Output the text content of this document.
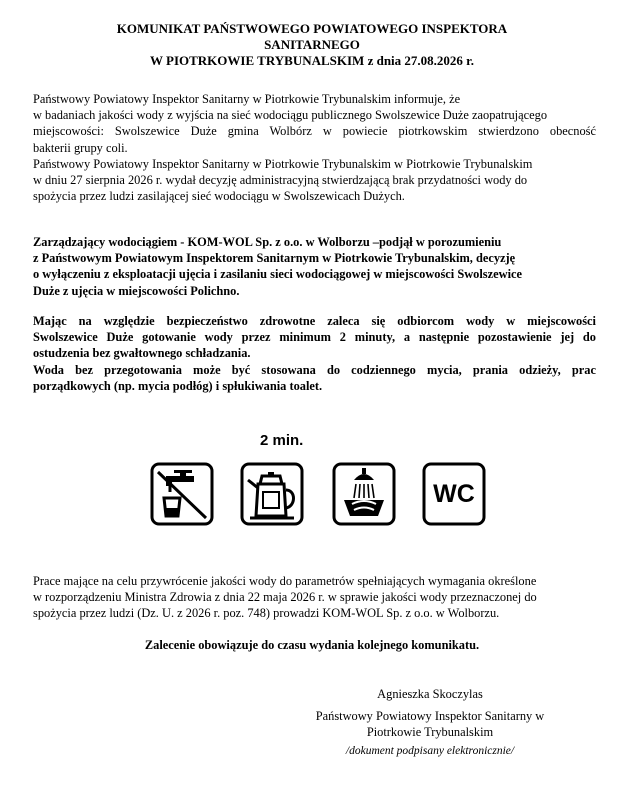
KOMUNIKAT PAŃSTWOWEGO POWIATOWEGO INSPEKTORA
SANITARNEGO
W PIOTRKOWIE TRYBUNALSKIM z dnia 27.08.2026 r.
Państwowy Powiatowy Inspektor Sanitarny w Piotrkowie Trybunalskim informuje, że
w badaniach jakości wody z wyjścia na sieć wodociągu publicznego Swolszewice Duże zaopatrującego
miejscowości: Swolszewice Duże gmina Wolbórz w powiecie piotrkowskim stwierdzono obecność
bakterii grupy coli.
Państwowy Powiatowy Inspektor Sanitarny w Piotrkowie Trybunalskim w Piotrkowie Trybunalskim
w dniu 27 sierpnia 2026 r. wydał decyzję administracyjną stwierdzającą brak przydatności wody do
spożycia przez ludzi zasilającej sieć wodociągu w Swolszewicach Dużych.
Zarządzający wodociągiem - KOM-WOL Sp. z o.o. w Wolborzu –podjął w porozumieniu
z Państwowym Powiatowym Inspektorem Sanitarnym w Piotrkowie Trybunalskim, decyzję
o wyłączeniu z eksploatacji ujęcia i zasilaniu sieci wodociągowej w miejscowości Swolszewice
Duże z ujęcia w miejscowości Polichno.
Mając na względzie bezpieczeństwo zdrowotne zaleca się odbiorcom wody w miejscowości
Swolszewice Duże gotowanie wody przez minimum 2 minuty, a następnie pozostawienie jej do
ostudzenia bez gwałtownego schładzania.
Woda bez przegotowania może być stosowana do codziennego mycia, prania odzieży, prac
porządkowych (np. mycia podłóg) i spłukiwania toalet.
2 min.
WC
Prace mające na celu przywrócenie jakości wody do parametrów spełniających wymagania określone
w rozporządzeniu Ministra Zdrowia z dnia 22 maja 2026 r. w sprawie jakości wody przeznaczonej do
spożycia przez ludzi (Dz. U. z 2026 r. poz. 748) prowadzi KOM-WOL Sp. z o.o. w Wolborzu.
Zalecenie obowiązuje do czasu wydania kolejnego komunikatu.
Agnieszka Skoczylas
Państwowy Powiatowy Inspektor Sanitarny w
Piotrkowie Trybunalskim
/dokument podpisany elektronicznie/
